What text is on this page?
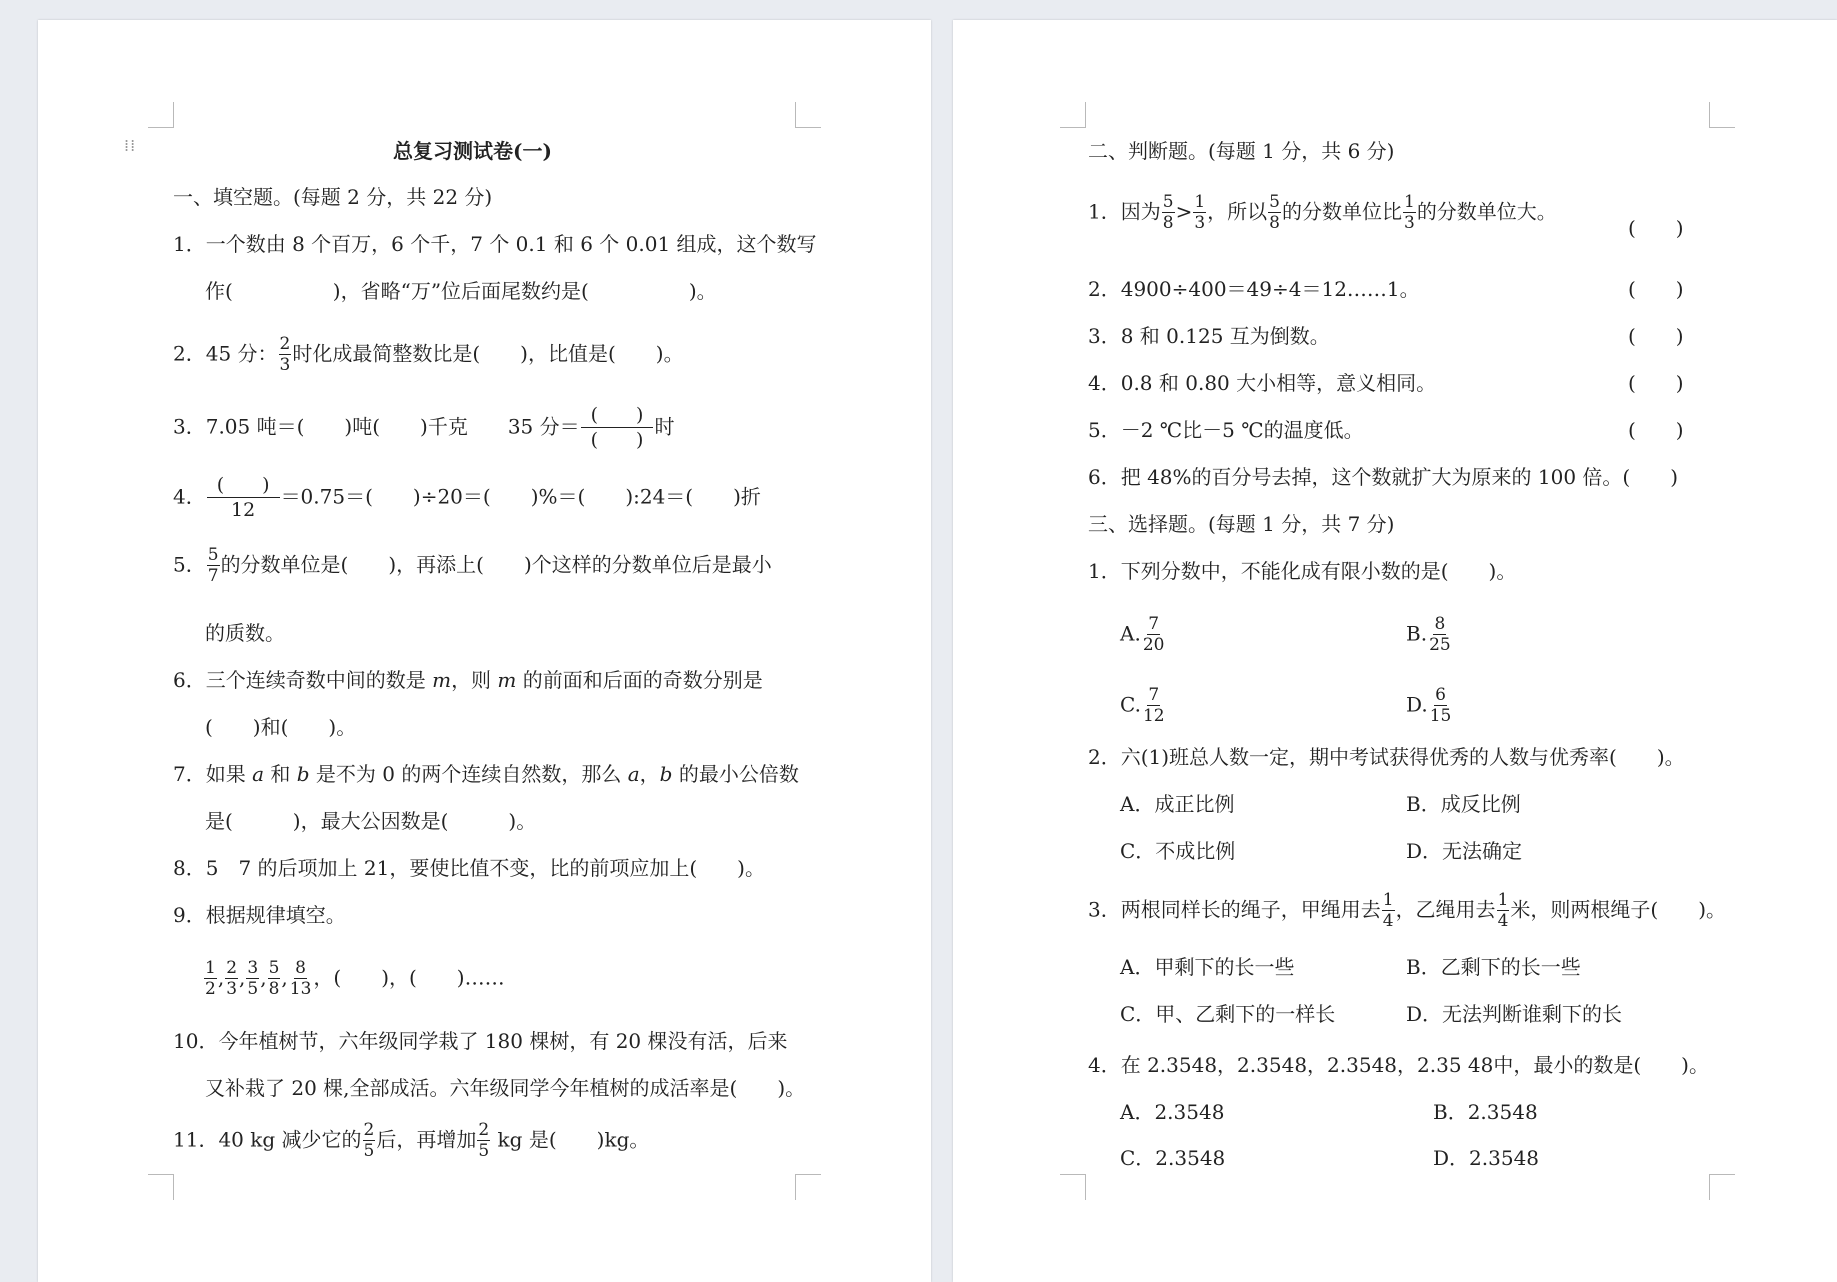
⁞⁞	总复习测试卷(一)
一、填空题。(每题 2 分，共 22 分)
1．一个数由 8 个百万，6 个千，7 个 0.1 和 6 个 0.01 组成，这个数写
作(　　　　　)，省略“万”位后面尾数约是(　　　　　)。
2．45 分： $\frac{2}{3}$ 时化成最简整数比是(　　)，比值是(　　)。
3．7.05 吨＝(　　)吨(　　)千克　　35 分＝ $\frac{( )}{( )}$ 时
4． $\frac{( )}{12} =0.75=$(　　)÷20＝(　　)%＝(　　):24＝(　　)折
5． $\frac{5}{7}$ 的分数单位是(　　)，再添上(　　)个这样的分数单位后是最小
的质数。
6．三个连续奇数中间的数是 m，则 m 的前面和后面的奇数分别是
(　　)和(　　)。
7．如果 a 和 b 是不为 0 的两个连续自然数，那么 a，b 的最小公倍数
是(　　　)，最大公因数是(　　　)。
8．5　7 的后项加上 21，要使比值不变，比的前项应加上(　　)。
9．根据规律填空。
$\frac{1}{2}$ , $\frac{2}{3}$ , $\frac{3}{5}$ , $\frac{5}{8}$ , $\frac{8}{13}$ ，(　　)，(　　)……
10．今年植树节，六年级同学栽了 180 棵树，有 20 棵没有活，后来
又补栽了 20 棵,全部成活。六年级同学今年植树的成活率是(　　)。
11．40 kg 减少它的 $\frac{2}{5}$ 后，再增加 $\frac{2}{5}$ kg 是(　　)kg。
二、判断题。(每题 1 分，共 6 分)
1．因为 $\frac{5}{8} > \frac{1}{3}$ ，所以 $\frac{5}{8}$ 的分数单位比 $\frac{1}{3}$ 的分数单位大。
(　　)
2．4900÷400＝49÷4＝12……1。	(　　)
3．8 和 0.125 互为倒数。	(　　)
4．0.8 和 0.80 大小相等，意义相同。	(　　)
5．－2 ℃比－5 ℃的温度低。	(　　)
6．把 48%的百分号去掉，这个数就扩大为原来的 100 倍。(　　)
三、选择题。(每题 1 分，共 7 分)
1．下列分数中，不能化成有限小数的是(　　)。
A. $\frac{7}{20}$	B. $\frac{8}{25}$
C. $\frac{7}{12}$	D. $\frac{6}{15}$
2．六(1)班总人数一定，期中考试获得优秀的人数与优秀率(　　)。
A．成正比例	B．成反比例
C．不成比例	D．无法确定
3．两根同样长的绳子，甲绳用去 $\frac{1}{4}$ ，乙绳用去 $\frac{1}{4}$ 米，则两根绳子(　　)。
A．甲剩下的长一些	B．乙剩下的长一些
C．甲、乙剩下的一样长	D．无法判断谁剩下的长
4．在 2.3548，2.3548，2.3548，2.35 48中，最小的数是(　　)。
A．2.3548	B．2.3548
C．2.3548	D．2.3548
